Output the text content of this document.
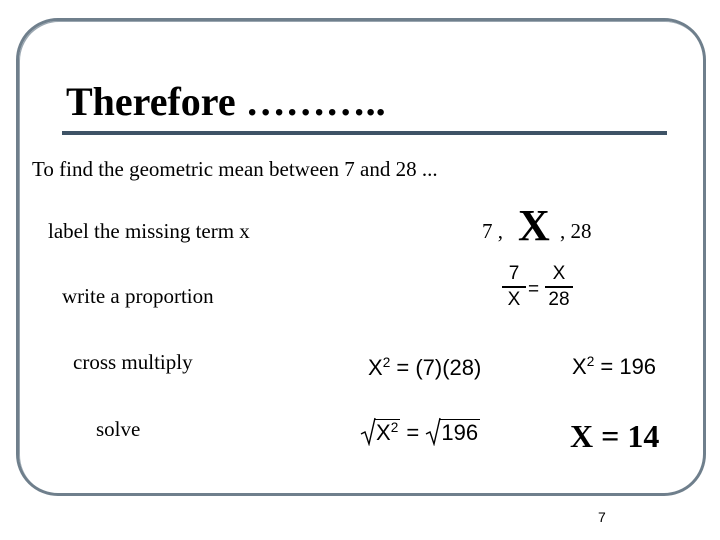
Therefore ………..
To find the geometric mean between 7 and 28 ...
label the missing term x
write a proportion
cross multiply
solve
7 , X , 28
7
X =
X
28
$X^2 = (7)(28)$	$X^2 = 196$
$X^2$ =
196	X = 14
7
